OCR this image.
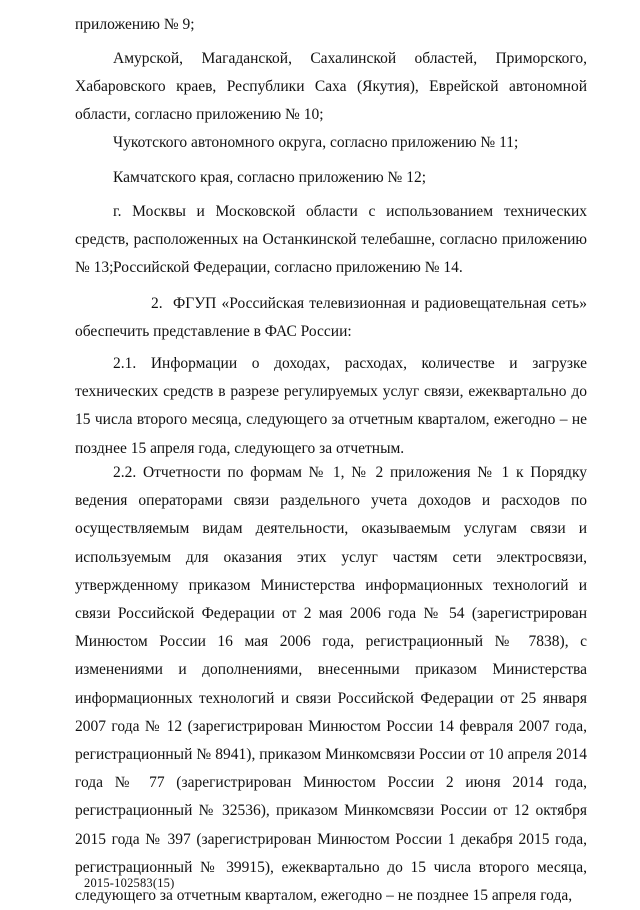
приложению № 9;

Амурской, Магаданской, Сахалинской областей, Приморского, Хабаровского краев, Республики Саха (Якутия), Еврейской автономной области, согласно приложению № 10;

Чукотского автономного округа, согласно приложению № 11;

Камчатского края, согласно приложению № 12;

г. Москвы и Московской области с использованием технических средств, расположенных на Останкинской телебашне, согласно приложению № 13; Российской Федерации, согласно приложению № 14.

2. ФГУП «Российская телевизионная и радиовещательная сеть» обеспечить представление в ФАС России:

2.1. Информации о доходах, расходах, количестве и загрузке технических средств в разрезе регулируемых услуг связи, ежеквартально до 15 числа второго месяца, следующего за отчетным кварталом, ежегодно – не позднее 15 апреля года, следующего за отчетным.

2.2. Отчетности по формам № 1, № 2 приложения № 1 к Порядку ведения операторами связи раздельного учета доходов и расходов по осуществляемым видам деятельности, оказываемым услугам связи и используемым для оказания этих услуг частям сети электросвязи, утвержденному приказом Министерства информационных технологий и связи Российской Федерации от 2 мая 2006 года № 54 (зарегистрирован Минюстом России 16 мая 2006 года, регистрационный № 7838), с изменениями и дополнениями, внесенными приказом Министерства информационных технологий и связи Российской Федерации от 25 января 2007 года № 12 (зарегистрирован Минюстом России 14 февраля 2007 года, регистрационный № 8941), приказом Минкомсвязи России от 10 апреля 2014 года № 77 (зарегистрирован Минюстом России 2 июня 2014 года, регистрационный № 32536), приказом Минкомсвязи России от 12 октября 2015 года № 397 (зарегистрирован Минюстом России 1 декабря 2015 года, регистрационный № 39915), ежеквартально до 15 числа второго месяца, следующего за отчетным кварталом, ежегодно – не позднее 15 апреля года,

2015-102583(15)
